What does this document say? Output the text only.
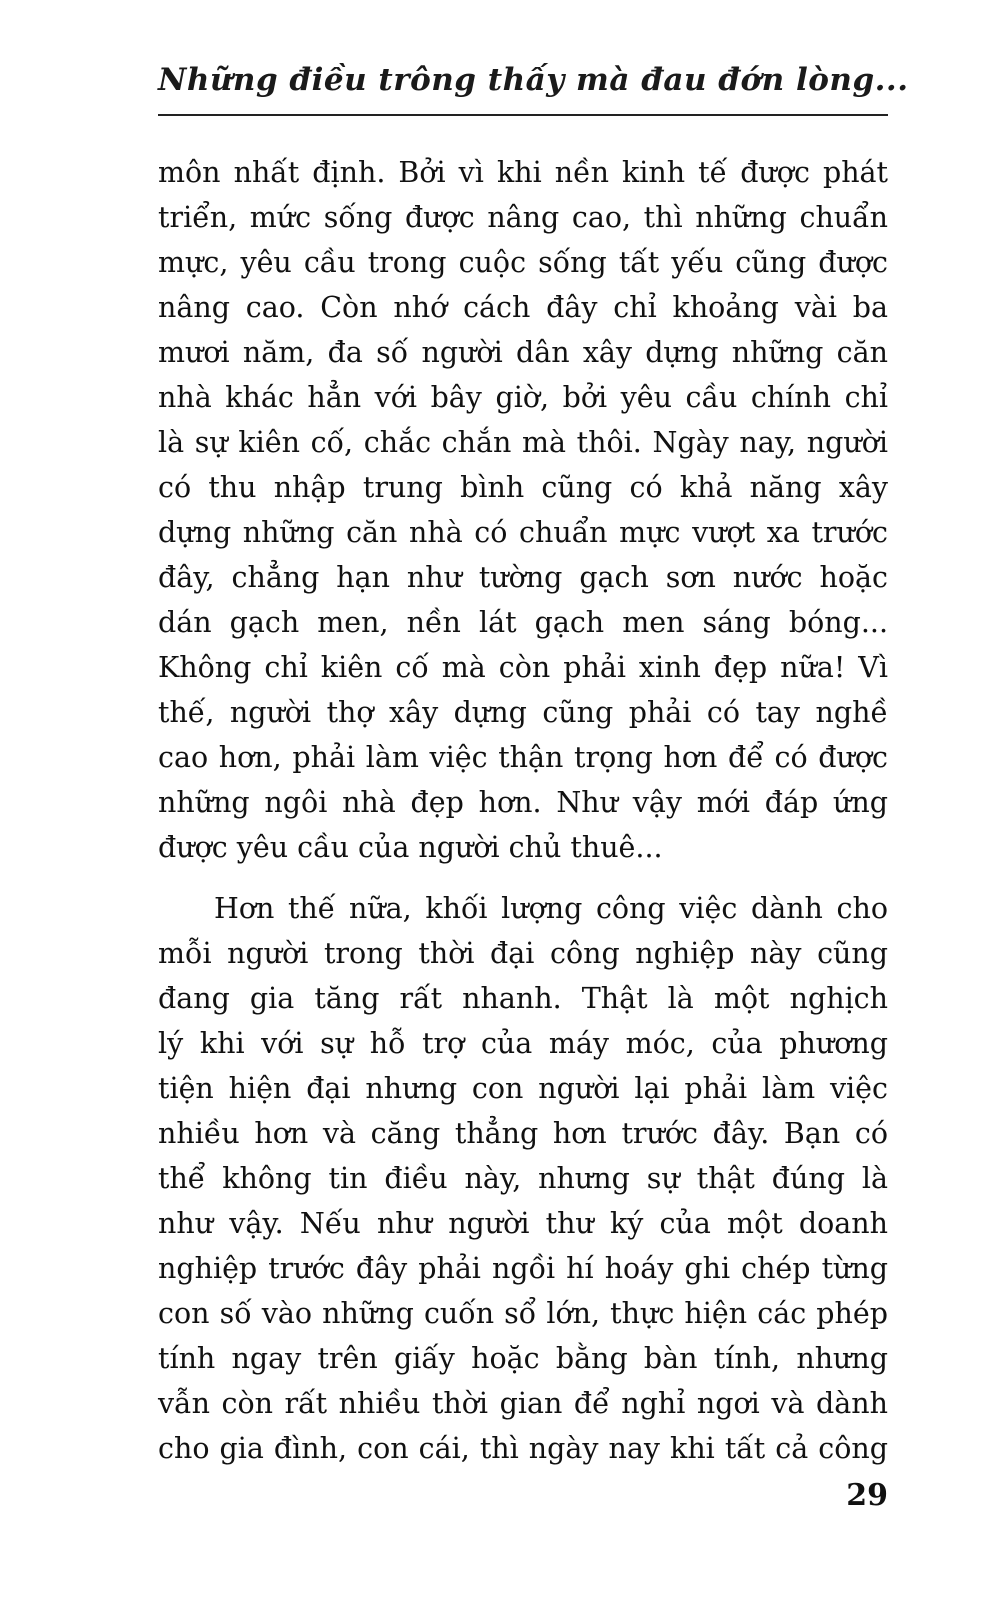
Những điều trông thấy mà đau đớn lòng...
môn nhất định. Bởi vì khi nền kinh tế được phát
triển, mức sống được nâng cao, thì những chuẩn
mực, yêu cầu trong cuộc sống tất yếu cũng được
nâng cao. Còn nhớ cách đây chỉ khoảng vài ba
mươi năm, đa số người dân xây dựng những căn
nhà khác hẳn với bây giờ, bởi yêu cầu chính chỉ
là sự kiên cố, chắc chắn mà thôi. Ngày nay, người
có thu nhập trung bình cũng có khả năng xây
dựng những căn nhà có chuẩn mực vượt xa trước
đây, chẳng hạn như tường gạch sơn nước hoặc
dán gạch men, nền lát gạch men sáng bóng...
Không chỉ kiên cố mà còn phải xinh đẹp nữa! Vì
thế, người thợ xây dựng cũng phải có tay nghề
cao hơn, phải làm việc thận trọng hơn để có được
những ngôi nhà đẹp hơn. Như vậy mới đáp ứng
được yêu cầu của người chủ thuê...
Hơn thế nữa, khối lượng công việc dành cho
mỗi người trong thời đại công nghiệp này cũng
đang gia tăng rất nhanh. Thật là một nghịch
lý khi với sự hỗ trợ của máy móc, của phương
tiện hiện đại nhưng con người lại phải làm việc
nhiều hơn và căng thẳng hơn trước đây. Bạn có
thể không tin điều này, nhưng sự thật đúng là
như vậy. Nếu như người thư ký của một doanh
nghiệp trước đây phải ngồi hí hoáy ghi chép từng
con số vào những cuốn sổ lớn, thực hiện các phép
tính ngay trên giấy hoặc bằng bàn tính, nhưng
vẫn còn rất nhiều thời gian để nghỉ ngơi và dành
cho gia đình, con cái, thì ngày nay khi tất cả công
29
